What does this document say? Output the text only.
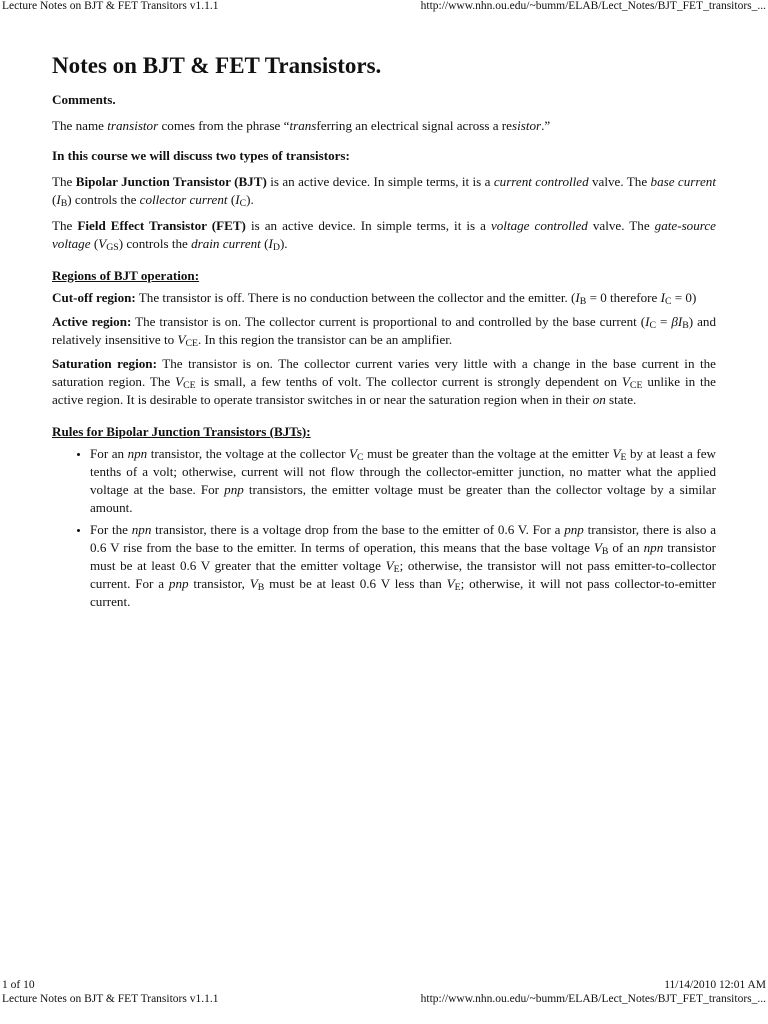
Lecture Notes on BJT & FET Transitors v1.1.1	http://www.nhn.ou.edu/~bumm/ELAB/Lect_Notes/BJT_FET_transitors_...
Notes on BJT & FET Transistors.

Comments.

The name transistor comes from the phrase “transferring an electrical signal across a resistor.”

In this course we will discuss two types of transistors:

The Bipolar Junction Transistor (BJT) is an active device. In simple terms, it is a current controlled valve. The base current $(I_B)$ controls the collector current $(I_C)$.

The Field Effect Transistor (FET) is an active device. In simple terms, it is a voltage controlled valve. The gate-source voltage $(V_{GS})$ controls the drain current $(I_D)$.

Regions of BJT operation:

Cut-off region: The transistor is off. There is no conduction between the collector and the emitter. ($I_B = 0$ therefore $I_C = 0$)

Active region: The transistor is on. The collector current is proportional to and controlled by the base current $(I_C = \beta I_B)$ and relatively insensitive to $V_{CE}$. In this region the transistor can be an amplifier.

Saturation region: The transistor is on. The collector current varies very little with a change in the base current in the saturation region. The $V_{CE}$ is small, a few tenths of volt. The collector current is strongly dependent on $V_{CE}$ unlike in the active region. It is desirable to operate transistor switches in or near the saturation region when in their on state.

Rules for Bipolar Junction Transistors (BJTs):

• For an npn transistor, the voltage at the collector $V_C$ must be greater than the voltage at the emitter $V_E$ by at least a few tenths of a volt; otherwise, current will not flow through the collector-emitter junction, no matter what the applied voltage at the base. For pnp transistors, the emitter voltage must be greater than the collector voltage by a similar amount.
• For the npn transistor, there is a voltage drop from the base to the emitter of 0.6 V. For a pnp transistor, there is also a 0.6 V rise from the base to the emitter. In terms of operation, this means that the base voltage $V_B$ of an npn transistor must be at least 0.6 V greater that the emitter voltage $V_E$; otherwise, the transistor will not pass emitter-to-collector current. For a pnp transistor, $V_B$ must be at least 0.6 V less than $V_E$; otherwise, it will not pass collector-to-emitter current.
1 of 10	11/14/2010 12:01 AM
Lecture Notes on BJT & FET Transitors v1.1.1	http://www.nhn.ou.edu/~bumm/ELAB/Lect_Notes/BJT_FET_transitors_...
